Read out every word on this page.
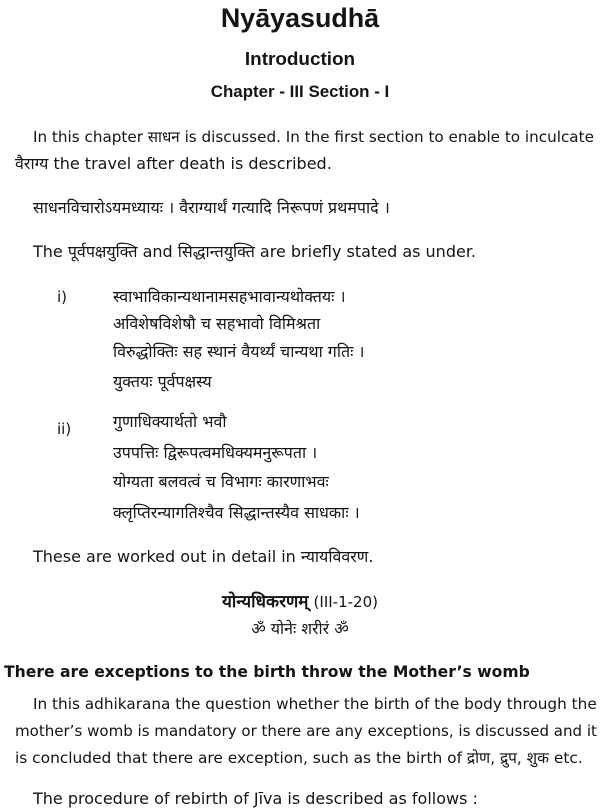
Nyāyasudhā
Introduction
Chapter - III Section - I
In this chapter साधन is discussed. In the first section to enable to inculcate
वैराग्य the travel after death is described.
साधनविचारोऽयमध्यायः । वैराग्यार्थं गत्यादि निरूपणं प्रथमपादे ।
The पूर्वपक्षयुक्ति and सिद्धान्तयुक्ति are briefly stated as under.
i)	स्वाभाविकान्यथानामसहभावान्यथोक्तयः ।
अविशेषविशेषौ च सहभावो विमिश्रता
विरुद्धोक्तिः सह स्थानं वैयर्थ्यं चान्यथा गतिः ।
युक्तयः पूर्वपक्षस्य
ii)	गुणाधिक्यार्थतो भवौ
उपपत्तिः द्विरूपत्वमधिक्यमनुरूपता ।
योग्यता बलवत्वं च विभागः कारणाभवः
क्लृप्तिरन्यागतिश्चैव सिद्धान्तस्यैव साधकाः ।
These are worked out in detail in न्यायविवरण.
योन्यधिकरणम् (III-1-20)
ॐ योनेः शरीरं ॐ
There are exceptions to the birth throw the Mother’s womb
In this adhikarana the question whether the birth of the body through the
mother’s womb is mandatory or there are any exceptions, is discussed and it
is concluded that there are exception, such as the birth of द्रोण, द्रुप, शुक etc.
The procedure of rebirth of Jīva is described as follows :
